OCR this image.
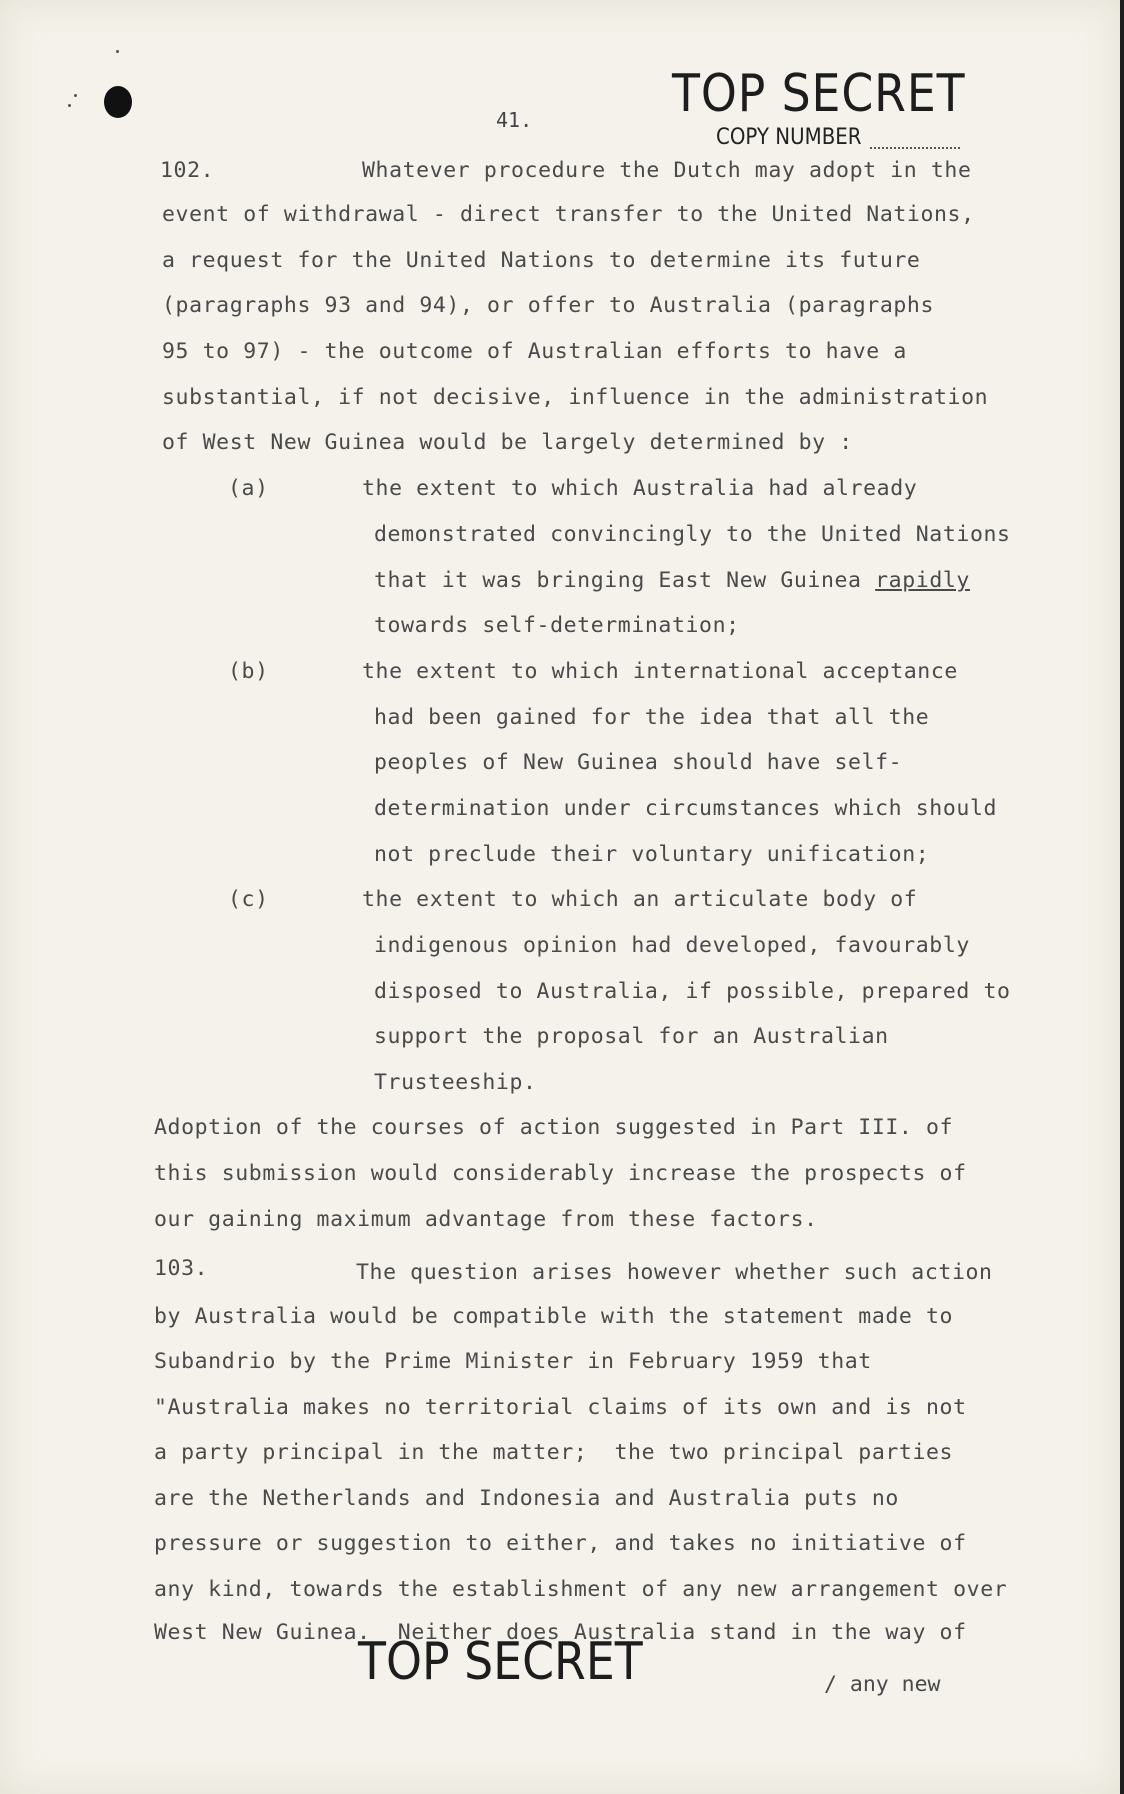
TOP SECRET
41.
COPY NUMBER
102.	Whatever procedure the Dutch may adopt in the
event of withdrawal - direct transfer to the United Nations,
a request for the United Nations to determine its future
(paragraphs 93 and 94), or offer to Australia (paragraphs
95 to 97) - the outcome of Australian efforts to have a
substantial, if not decisive, influence in the administration
of West New Guinea would be largely determined by :
(a)	the extent to which Australia had already
demonstrated convincingly to the United Nations
that it was bringing East New Guinea rapidly
towards self-determination;
(b)	the extent to which international acceptance
had been gained for the idea that all the
peoples of New Guinea should have self-
determination under circumstances which should
not preclude their voluntary unification;
(c)	the extent to which an articulate body of
indigenous opinion had developed, favourably
disposed to Australia, if possible, prepared to
support the proposal for an Australian
Trusteeship.
Adoption of the courses of action suggested in Part III. of
this submission would considerably increase the prospects of
our gaining maximum advantage from these factors.
103.	The question arises however whether such action
by Australia would be compatible with the statement made to
Subandrio by the Prime Minister in February 1959 that
"Australia makes no territorial claims of its own and is not
a party principal in the matter;  the two principal parties
are the Netherlands and Indonesia and Australia puts no
pressure or suggestion to either, and takes no initiative of
any kind, towards the establishment of any new arrangement over
West New Guinea.  Neither does Australia stand in the way of
TOP SECRET	/ any new
